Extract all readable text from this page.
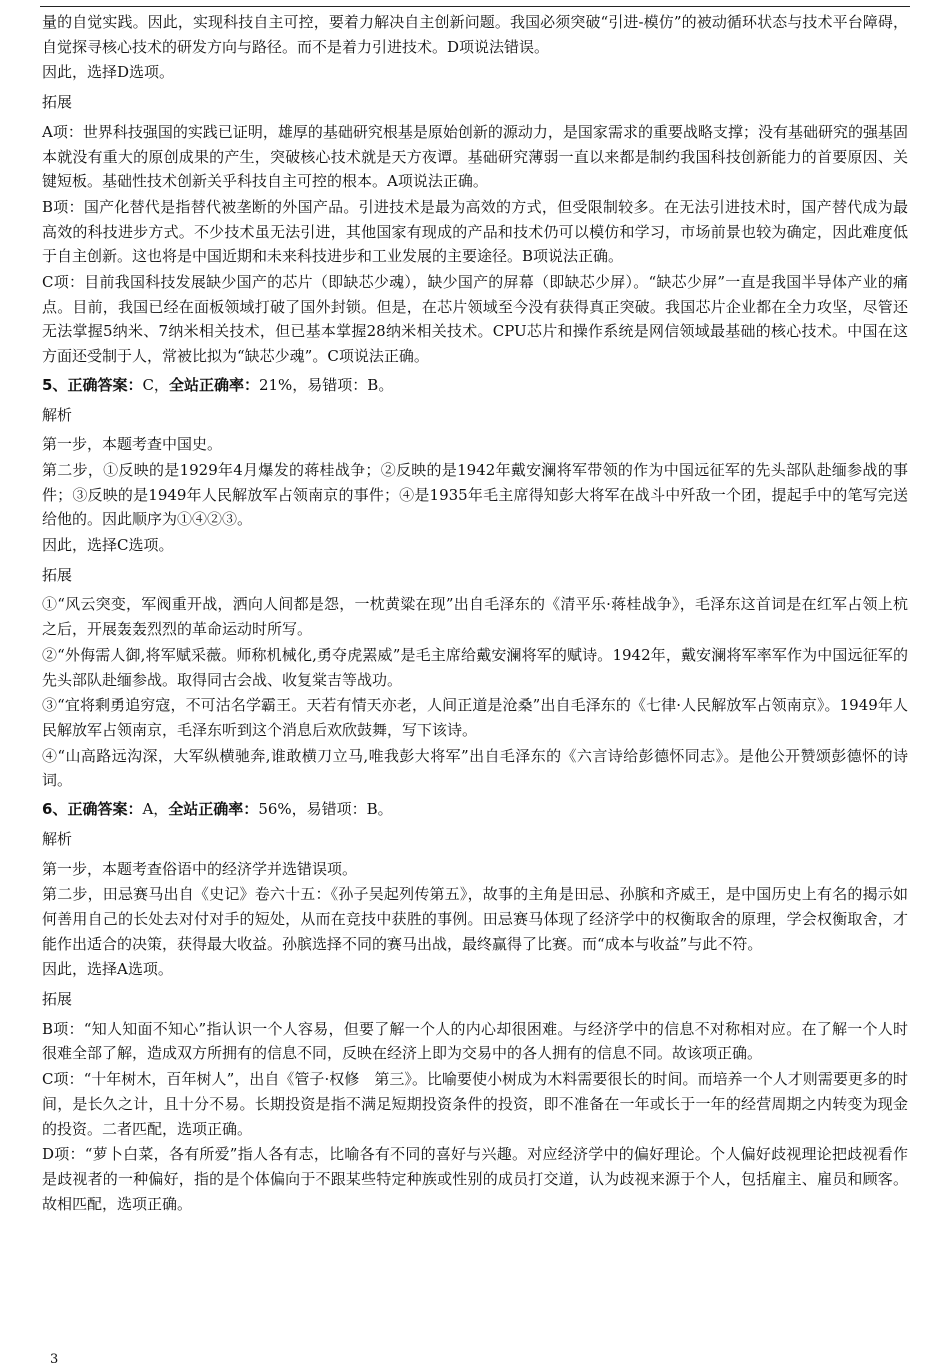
量的自觉实践。因此，实现科技自主可控，要着力解决自主创新问题。我国必须突破“引进-模仿”的被动循环状态与技术平台障碍，自觉探寻核心技术的研发方向与路径。而不是着力引进技术。D项说法错误。
因此，选择D选项。
拓展
A项：世界科技强国的实践已证明，雄厚的基础研究根基是原始创新的源动力，是国家需求的重要战略支撑；没有基础研究的强基固本就没有重大的原创成果的产生，突破核心技术就是天方夜谭。基础研究薄弱一直以来都是制约我国科技创新能力的首要原因、关键短板。基础性技术创新关乎科技自主可控的根本。A项说法正确。
B项：国产化替代是指替代被垄断的外国产品。引进技术是最为高效的方式，但受限制较多。在无法引进技术时，国产替代成为最高效的科技进步方式。不少技术虽无法引进，其他国家有现成的产品和技术仍可以模仿和学习，市场前景也较为确定，因此难度低于自主创新。这也将是中国近期和未来科技进步和工业发展的主要途径。B项说法正确。
C项：目前我国科技发展缺少国产的芯片（即缺芯少魂），缺少国产的屏幕（即缺芯少屏）。“缺芯少屏”一直是我国半导体产业的痛点。目前，我国已经在面板领域打破了国外封锁。但是，在芯片领域至今没有获得真正突破。我国芯片企业都在全力攻坚，尽管还无法掌握5纳米、7纳米相关技术，但已基本掌握28纳米相关技术。CPU芯片和操作系统是网信领域最基础的核心技术。中国在这方面还受制于人，常被比拟为“缺芯少魂”。C项说法正确。
5、正确答案：C，全站正确率：21%，易错项：B。
解析
第一步，本题考查中国史。
第二步，①反映的是1929年4月爆发的蒋桂战争；②反映的是1942年戴安澜将军带领的作为中国远征军的先头部队赴缅参战的事件；③反映的是1949年人民解放军占领南京的事件；④是1935年毛主席得知彭大将军在战斗中歼敌一个团，提起手中的笔写完送给他的。因此顺序为①④②③。
因此，选择C选项。
拓展
①“风云突变，军阀重开战，洒向人间都是怨，一枕黄粱在现”出自毛泽东的《清平乐·蒋桂战争》，毛泽东这首词是在红军占领上杭之后，开展轰轰烈烈的革命运动时所写。
②“外侮需人御,将军赋采薇。师称机械化,勇夺虎罴威”是毛主席给戴安澜将军的赋诗。1942年，戴安澜将军率军作为中国远征军的先头部队赴缅参战。取得同古会战、收复棠吉等战功。
③“宜将剩勇追穷寇，不可沽名学霸王。天若有情天亦老，人间正道是沧桑”出自毛泽东的《七律·人民解放军占领南京》。1949年人民解放军占领南京，毛泽东听到这个消息后欢欣鼓舞，写下该诗。
④“山高路远沟深，大军纵横驰奔,谁敢横刀立马,唯我彭大将军”出自毛泽东的《六言诗给彭德怀同志》。是他公开赞颂彭德怀的诗词。
6、正确答案：A，全站正确率：56%，易错项：B。
解析
第一步，本题考查俗语中的经济学并选错误项。
第二步，田忌赛马出自《史记》卷六十五：《孙子吴起列传第五》，故事的主角是田忌、孙膑和齐威王，是中国历史上有名的揭示如何善用自己的长处去对付对手的短处，从而在竞技中获胜的事例。田忌赛马体现了经济学中的权衡取舍的原理，学会权衡取舍，才能作出适合的决策，获得最大收益。孙膑选择不同的赛马出战，最终赢得了比赛。而“成本与收益”与此不符。
因此，选择A选项。
拓展
B项：“知人知面不知心”指认识一个人容易，但要了解一个人的内心却很困难。与经济学中的信息不对称相对应。在了解一个人时很难全部了解，造成双方所拥有的信息不同，反映在经济上即为交易中的各人拥有的信息不同。故该项正确。
C项：“十年树木，百年树人”，出自《管子·权修　第三》。比喻要使小树成为木料需要很长的时间。而培养一个人才则需要更多的时间，是长久之计，且十分不易。长期投资是指不满足短期投资条件的投资，即不准备在一年或长于一年的经营周期之内转变为现金的投资。二者匹配，选项正确。
D项：“萝卜白菜，各有所爱”指人各有志，比喻各有不同的喜好与兴趣。对应经济学中的偏好理论。个人偏好歧视理论把歧视看作是歧视者的一种偏好，指的是个体偏向于不跟某些特定种族或性别的成员打交道，认为歧视来源于个人，包括雇主、雇员和顾客。故相匹配，选项正确。
3
